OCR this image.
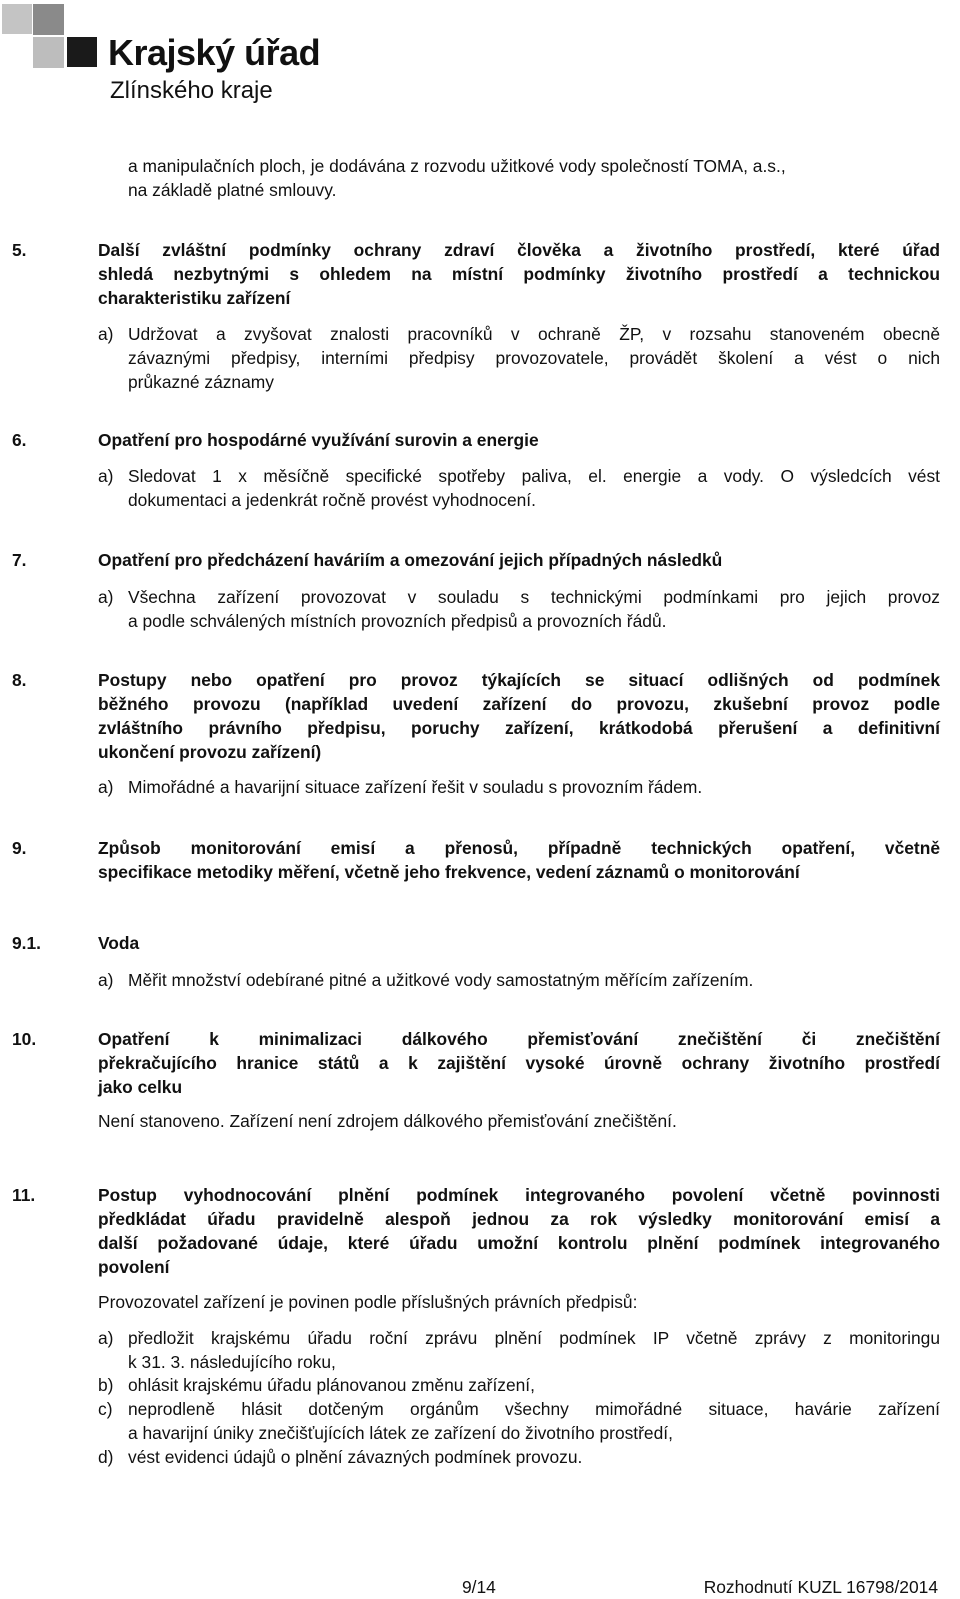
Krajský úřad
Zlínského kraje
a manipulačních ploch, je dodávána z rozvodu užitkové vody společností TOMA, a.s.,
na základě platné smlouvy.
5.	Další zvláštní podmínky ochrany zdraví člověka a životního prostředí, které úřad
shledá nezbytnými s ohledem na místní podmínky životního prostředí a technickou
charakteristiku zařízení
a) Udržovat a zvyšovat znalosti pracovníků v ochraně ŽP, v rozsahu stanoveném obecně
závaznými předpisy, interními předpisy provozovatele, provádět školení a vést o nich
průkazné záznamy
6.	Opatření pro hospodárné využívání surovin a energie
a) Sledovat 1 x měsíčně specifické spotřeby paliva, el. energie a vody. O výsledcích vést
dokumentaci a jedenkrát ročně provést vyhodnocení.
7.	Opatření pro předcházení haváriím a omezování jejich případných následků
a) Všechna zařízení provozovat v souladu s technickými podmínkami pro jejich provoz
a podle schválených místních provozních předpisů a provozních řádů.
8.	Postupy nebo opatření pro provoz týkajících se situací odlišných od podmínek
běžného provozu (například uvedení zařízení do provozu, zkušební provoz podle
zvláštního právního předpisu, poruchy zařízení, krátkodobá přerušení a definitivní
ukončení provozu zařízení)
a) Mimořádné a havarijní situace zařízení řešit v souladu s provozním řádem.
9.	Způsob monitorování emisí a přenosů, případně technických opatření, včetně
specifikace metodiky měření, včetně jeho frekvence, vedení záznamů o monitorování
9.1.	Voda
a) Měřit množství odebírané pitné a užitkové vody samostatným měřícím zařízením.
10.	Opatření k minimalizaci dálkového přemisťování znečištění či znečištění
překračujícího hranice států a k zajištění vysoké úrovně ochrany životního prostředí
jako celku
Není stanoveno. Zařízení není zdrojem dálkového přemisťování znečištění.
11.	Postup vyhodnocování plnění podmínek integrovaného povolení včetně povinnosti
předkládat úřadu pravidelně alespoň jednou za rok výsledky monitorování emisí a
další požadované údaje, které úřadu umožní kontrolu plnění podmínek integrovaného
povolení
Provozovatel zařízení je povinen podle příslušných právních předpisů:
a) předložit krajskému úřadu roční zprávu plnění podmínek IP včetně zprávy z monitoringu
k 31. 3. následujícího roku,
b) ohlásit krajskému úřadu plánovanou změnu zařízení,
c) neprodleně hlásit dotčeným orgánům všechny mimořádné situace, havárie zařízení
a havarijní úniky znečišťujících látek ze zařízení do životního prostředí,
d) vést evidenci údajů o plnění závazných podmínek provozu.
9/14	Rozhodnutí KUZL 16798/2014
